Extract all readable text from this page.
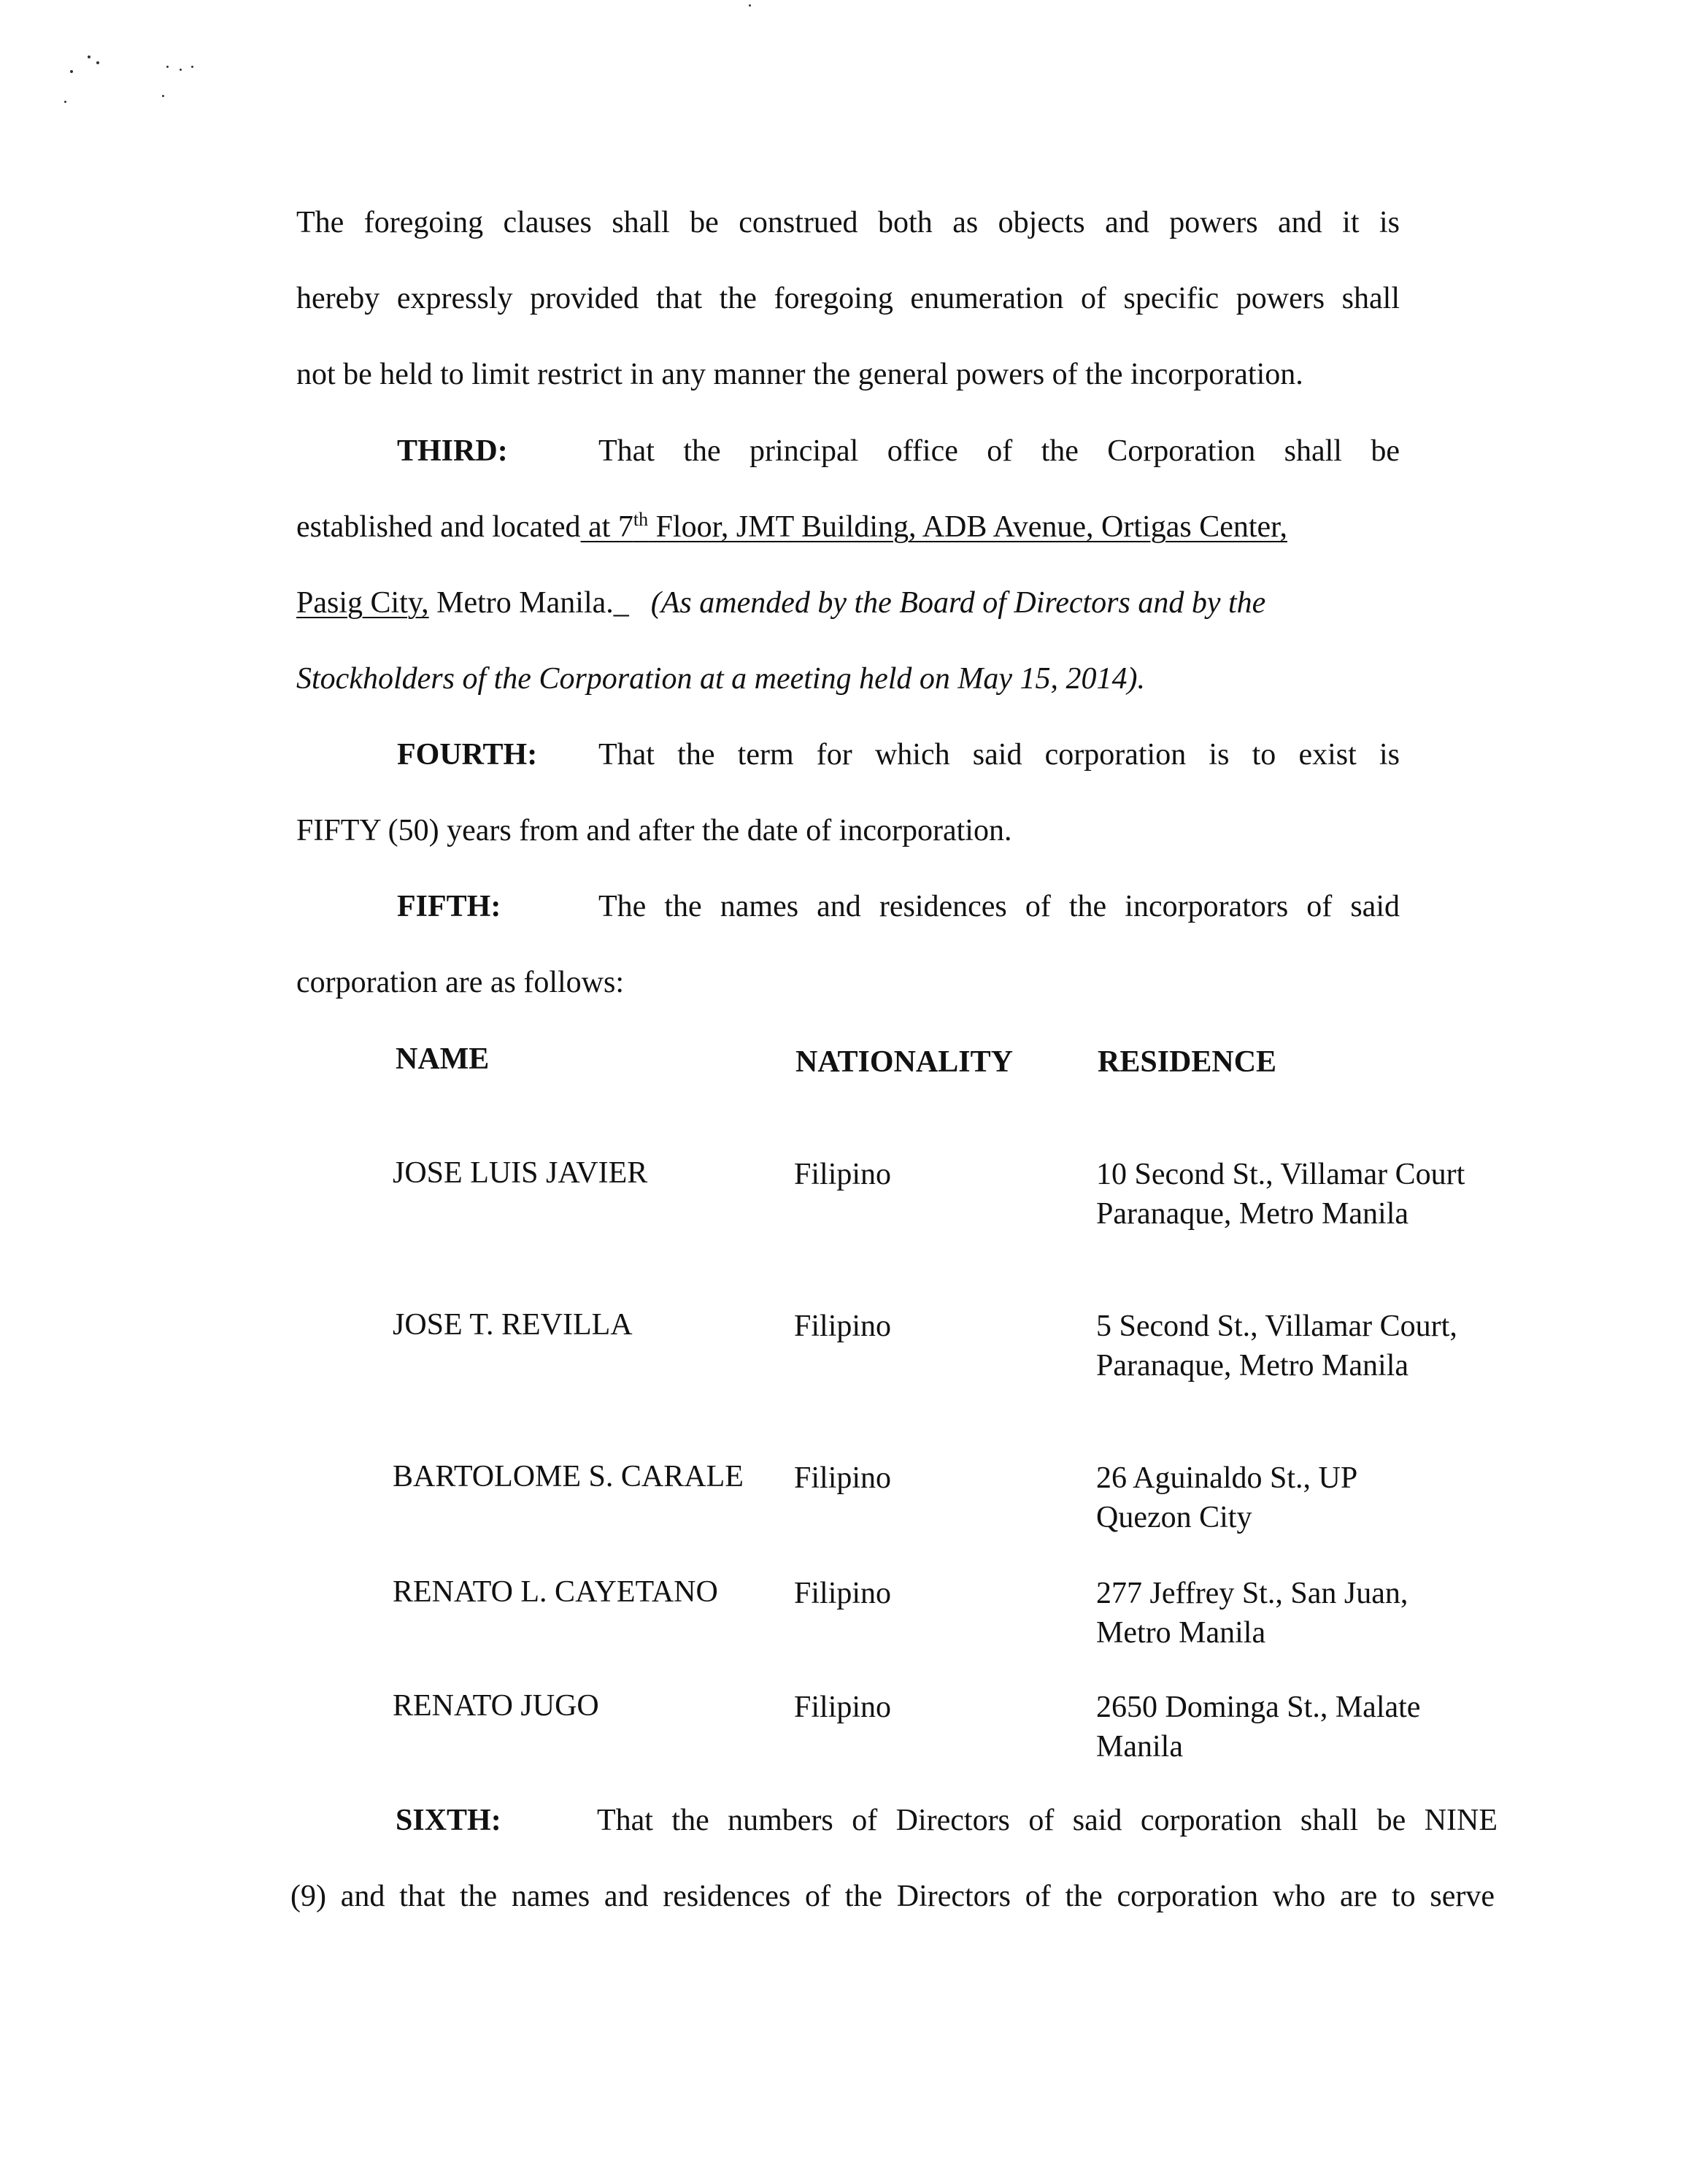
The foregoing clauses shall be construed both as objects and powers and it is
hereby expressly provided that the foregoing enumeration of specific powers shall
not be held to limit restrict in any manner the general powers of the incorporation.
THIRD:	That the principal office of the Corporation shall be
established and located at 7th Floor, JMT Building, ADB Avenue, Ortigas Center,
Pasig City, Metro Manila._ (As amended by the Board of Directors and by the
Stockholders of the Corporation at a meeting held on May 15, 2014).
FOURTH: That the term for which said corporation is to exist is
FIFTY (50) years from and after the date of incorporation.
FIFTH:	The the names and residences of the incorporators of said
corporation are as follows:
NAME	NATIONALITY	RESIDENCE
JOSE LUIS JAVIER	Filipino	10 Second St., Villamar Court Paranaque, Metro Manila
JOSE T. REVILLA	Filipino	5 Second St., Villamar Court, Paranaque, Metro Manila
BARTOLOME S. CARALE Filipino	26 Aguinaldo St., UP Quezon City
RENATO L. CAYETANO Filipino	277 Jeffrey St., San Juan, Metro Manila
RENATO JUGO	Filipino	2650 Dominga St., Malate Manila
SIXTH:	That the numbers of Directors of said corporation shall be NINE
(9) and that the names and residences of the Directors of the corporation who are to serve
